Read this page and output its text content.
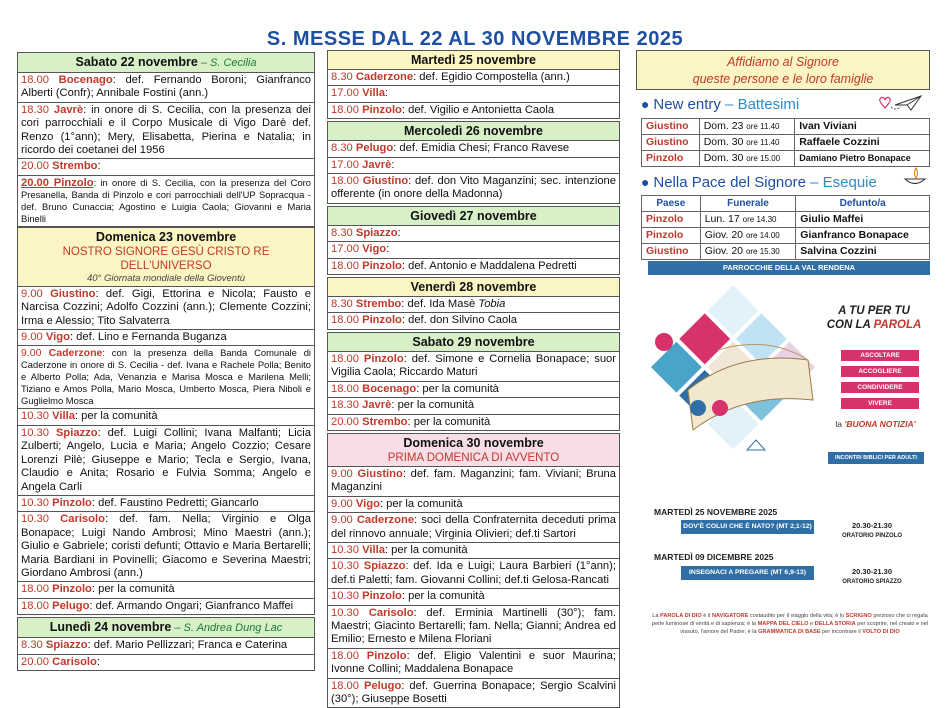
S. MESSE DAL 22 AL 30 NOVEMBRE 2025
Sabato 22 novembre – S. Cecilia
18.00 Bocenago: def. Fernando Boroni; Gianfranco Alberti (Confr); Annibale Fostini (ann.)
18.30 Javrè: in onore di S. Cecilia, con la presenza dei cori parrocchiali e il Corpo Musicale di Vigo Darè def. Renzo (1°ann); Mery, Elisabetta, Pierina e Natalia; in ricordo dei coetanei del 1956
20.00 Strembo:
20.00 Pinzolo: in onore di S. Cecilia, con la presenza del Coro Presanella, Banda di Pinzolo e cori parrocchiali dell'UP Sopracqua - def. Bruno Cunaccia; Agostino e Luigia Caola; Giovanni e Maria Binelli
Domenica 23 novembre
NOSTRO SIGNORE GESÙ CRISTO RE DELL'UNIVERSO
40° Giornata mondiale della Gioventù
9.00 Giustino: def. Gigi, Ettorina e Nicola; Fausto e Narcisa Cozzini; Adolfo Cozzini (ann.); Clemente Cozzini; Irma e Alessio; Tito Salvaterra
9.00 Vigo: def. Lino e Fernanda Buganza
9.00 Caderzone: con la presenza della Banda Comunale di Caderzone in onore di S. Cecilia - def. Ivana e Rachele Polla; Benito e Alberto Polla; Ada, Venanzia e Marisa Mosca e Marilena Melli; Tiziano e Amos Polla, Mario Mosca, Umberto Mosca, Piera Niboli e Guglielmo Mosca
10.30 Villa: per la comunità
10.30 Spiazzo: def. Luigi Collini; Ivana Malfanti; Licia Zulberti; Angelo, Lucia e Maria; Angelo Cozzio; Cesare Lorenzi Pilè; Giuseppe e Mario; Tecla e Sergio, Ivana, Claudio e Anita; Rosario e Fulvia Somma; Angelo e Angela Carli
10.30 Pinzolo: def. Faustino Pedretti; Giancarlo
10.30 Carisolo: def. fam. Nella; Virginio e Olga Bonapace; Luigi Nando Ambrosi; Mino Maestri (ann.); Giulio e Gabriele; coristi defunti; Ottavio e Maria Bertarelli; Maria Bardiani in Povinelli; Giacomo e Severina Maestri; Giordano Ambrosi (ann.)
18.00 Pinzolo: per la comunità
18.00 Pelugo: def. Armando Ongari; Gianfranco Maffei
Lunedì 24 novembre – S. Andrea Dung Lac
8.30 Spiazzo: def. Mario Pellizzari; Franca e Caterina
20.00 Carisolo:
Martedì 25 novembre
8.30 Caderzone: def. Egidio Compostella (ann.)
17.00 Villa:
18.00 Pinzolo: def. Vigilio e Antonietta Caola
Mercoledì 26 novembre
8.30 Pelugo: def. Emidia Chesi; Franco Ravese
17.00 Javrè:
18.00 Giustino: def. don Vito Maganzini; sec. intenzione offerente (in onore della Madonna)
Giovedì 27 novembre
8.30 Spiazzo:
17.00 Vigo:
18.00 Pinzolo: def. Antonio e Maddalena Pedretti
Venerdì 28 novembre
8.30 Strembo: def. Ida Masè Tobia
18.00 Pinzolo: def. don Silvino Caola
Sabato 29 novembre
18.00 Pinzolo: def. Simone e Cornelia Bonapace; suor Vigilia Caola; Riccardo Maturi
18.00 Bocenago: per la comunità
18.30 Javrè: per la comunità
20.00 Strembo: per la comunità
Domenica 30 novembre
PRIMA DOMENICA DI AVVENTO
9.00 Giustino: def. fam. Maganzini; fam. Viviani; Bruna Maganzini
9.00 Vigo: per la comunità
9.00 Caderzone: soci della Confraternita deceduti prima del rinnovo annuale; Virginia Olivieri; def.ti Sartori
10.30 Villa: per la comunità
10.30 Spiazzo: def. Ida e Luigi; Laura Barbieri (1°ann); def.ti Paletti; fam. Giovanni Collini; def.ti Gelosa-Rancati
10.30 Pinzolo: per la comunità
10.30 Carisolo: def. Erminia Martinelli (30°); fam. Maestri; Giacinto Bertarelli; fam. Nella; Gianni; Andrea ed Emilio; Ernesto e Milena Floriani
18.00 Pinzolo: def. Eligio Valentini e suor Maurina; Ivonne Collini; Maddalena Bonapace
18.00 Pelugo: def. Guerrina Bonapace; Sergio Scalvini (30°); Giuseppe Bosetti
Affidiamo al Signore
queste persone e le loro famiglie
● New entry – Battesimi
Giustino	Dom. 23 ore 11.40	Ivan Viviani
Giustino	Dom. 30 ore 11.40	Raffaele Cozzini
Pinzolo	Dom. 30 ore 15.00	Damiano Pietro Bonapace
● Nella Pace del Signore – Esequie
Paese	Funerale	Defunto/a
Pinzolo	Lun. 17 ore 14.30	Giulio Maffei
Pinzolo	Giov. 20 ore 14.00	Gianfranco Bonapace
Giustino	Giov. 20 ore 15.30	Salvina Cozzini
PARROCCHIE DELLA VAL RENDENA
A TU PER TU
CON LA PAROLA
ASCOLTARE
ACCOGLIERE
CONDIVIDERE
VIVERE
la 'BUONA NOTIZIA'
INCONTRI BIBLICI PER ADULTI
MARTEDÌ 25 NOVEMBRE 2025
DOV'È COLUI CHE È NATO? (MT 2,1-12)	20.30-21.30
ORATORIO PINZOLO
MARTEDÌ 09 DICEMBRE 2025
INSEGNACI A PREGARE (MT 6,9-13)	20.30-21.30
ORATORIO SPIAZZO
La PAROLA DI DIO è il NAVIGATORE costaudito per il viaggio della vita; è lo SCRIGNO prezioso che ci regala perle luminose di verità e di sapienza; è la MAPPA DEL CIELO e DELLA STORIA per scoprire, nel creato e nel vissuto, l'amore del Padre; è la GRAMMATICA DI BASE per incontrare il VOLTO DI DIO
